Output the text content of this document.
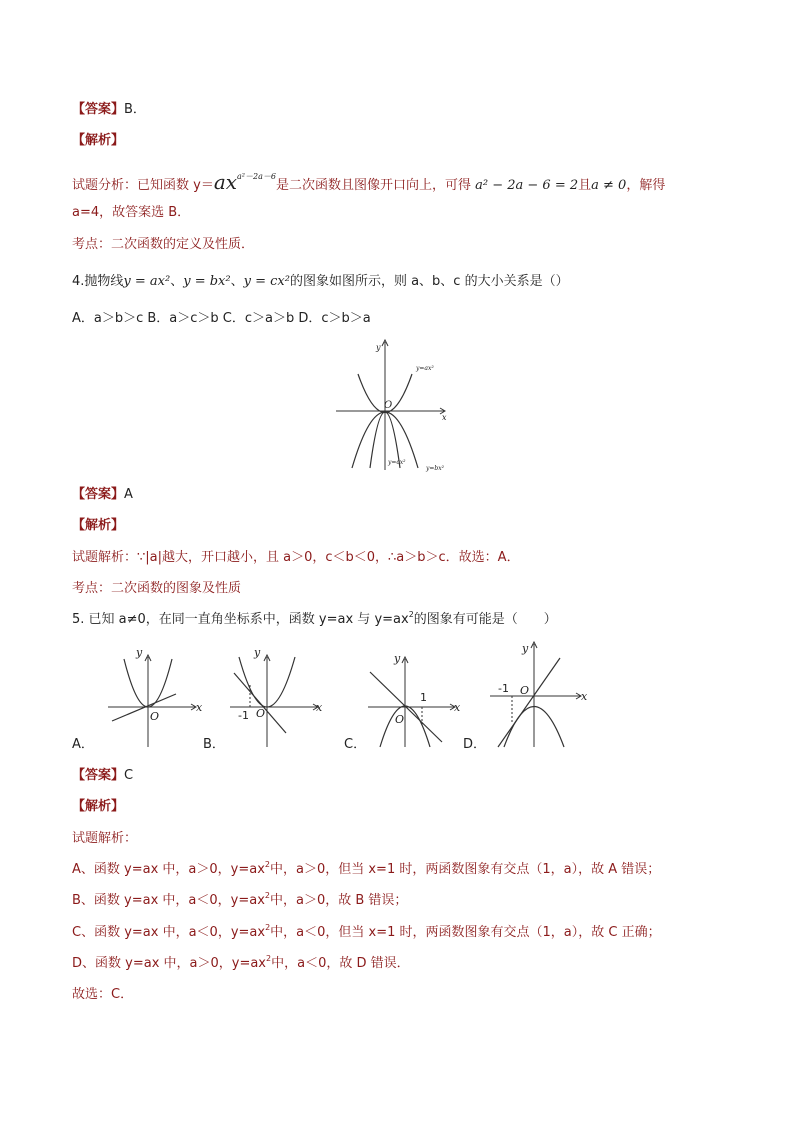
【答案】B．
【解析】
试题分析：已知函数 $y=ax^{a^2-2a-6}$是二次函数且图像开口向上，可得 a² − 2a − 6 = 2且a ≠ 0，解得
a=4，故答案选 B．
考点：二次函数的定义及性质．
4.抛物线y = ax²、y = bx²、y = cx²的图象如图所示，则 a、b、c 的大小关系是（）
A．a＞b＞c B．a＞c＞b C．c＞a＞b D．c＞b＞a
y
x
O
y=ax²
y=cx²
y=bx²
【答案】A
【解析】
试题解析：∵|a|越大，开口越小，且 a＞0，c＜b＜0，∴a＞b＞c．故选：A．
考点：二次函数的图象及性质
5. 已知 a≠0，在同一直角坐标系中，函数 y=ax 与 $y=ax^2$的图象有可能是（　　）
A．
y
x
O
B．
y
x
O
-1
C．
y
x
O
1
D．
y
x
O
-1
【答案】C
【解析】
试题解析：
A、函数 y=ax 中，a＞0，$y=ax^2$中，a＞0，但当 x=1 时，两函数图象有交点（1，a），故 A 错误；
B、函数 y=ax 中，a＜0，$y=ax^2$中，a＞0，故 B 错误；
C、函数 y=ax 中，a＜0，$y=ax^2$中，a＜0，但当 x=1 时，两函数图象有交点（1，a），故 C 正确；
D、函数 y=ax 中，a＞0，$y=ax^2$中，a＜0，故 D 错误．
故选：C．
